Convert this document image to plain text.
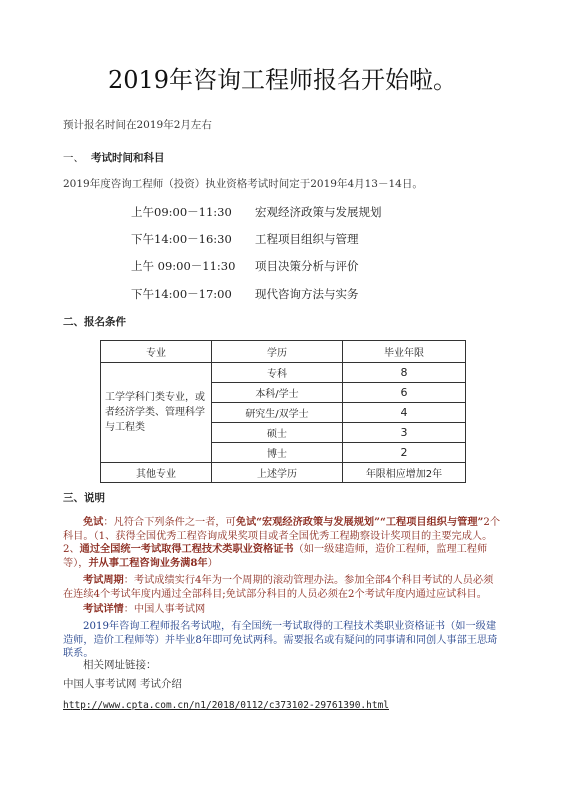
2019年咨询工程师报名开始啦。
预计报名时间在2019年2月左右
一、 考试时间和科目
2019年度咨询工程师（投资）执业资格考试时间定于2019年4月13－14日。
上午09:00－11:30 宏观经济政策与发展规划
下午14:00－16:30 工程项目组织与管理
上午 09:00－11:30 项目决策分析与评价
下午14:00－17:00 现代咨询方法与实务
二、报名条件
专业	学历	毕业年限
工学学科门类专业，或者经济学类、管理科学与工程类	专科	8
	本科/学士	6
	研究生/双学士	4
	硕士	3
	博士	2
其他专业	上述学历	年限相应增加2年
三、说明
免试：凡符合下列条件之一者，可免试“宏观经济政策与发展规划”“工程项目组织与管理”2个科目。（1、获得全国优秀工程咨询成果奖项目或者全国优秀工程勘察设计奖项目的主要完成人。2、通过全国统一考试取得工程技术类职业资格证书（如一级建造师，造价工程师，监理工程师等），并从事工程咨询业务满8年）
考试周期：考试成绩实行4年为一个周期的滚动管理办法。参加全部4个科目考试的人员必须在连续4个考试年度内通过全部科目;免试部分科目的人员必须在2个考试年度内通过应试科目。
考试详情：中国人事考试网
2019年咨询工程师报名考试啦，有全国统一考试取得的工程技术类职业资格证书（如一级建造师，造价工程师等）并毕业8年即可免试两科。需要报名或有疑问的同事请和同创人事部王思琦联系。
相关网址链接：
中国人事考试网 考试介绍
http://www.cpta.com.cn/n1/2018/0112/c373102-29761390.html
